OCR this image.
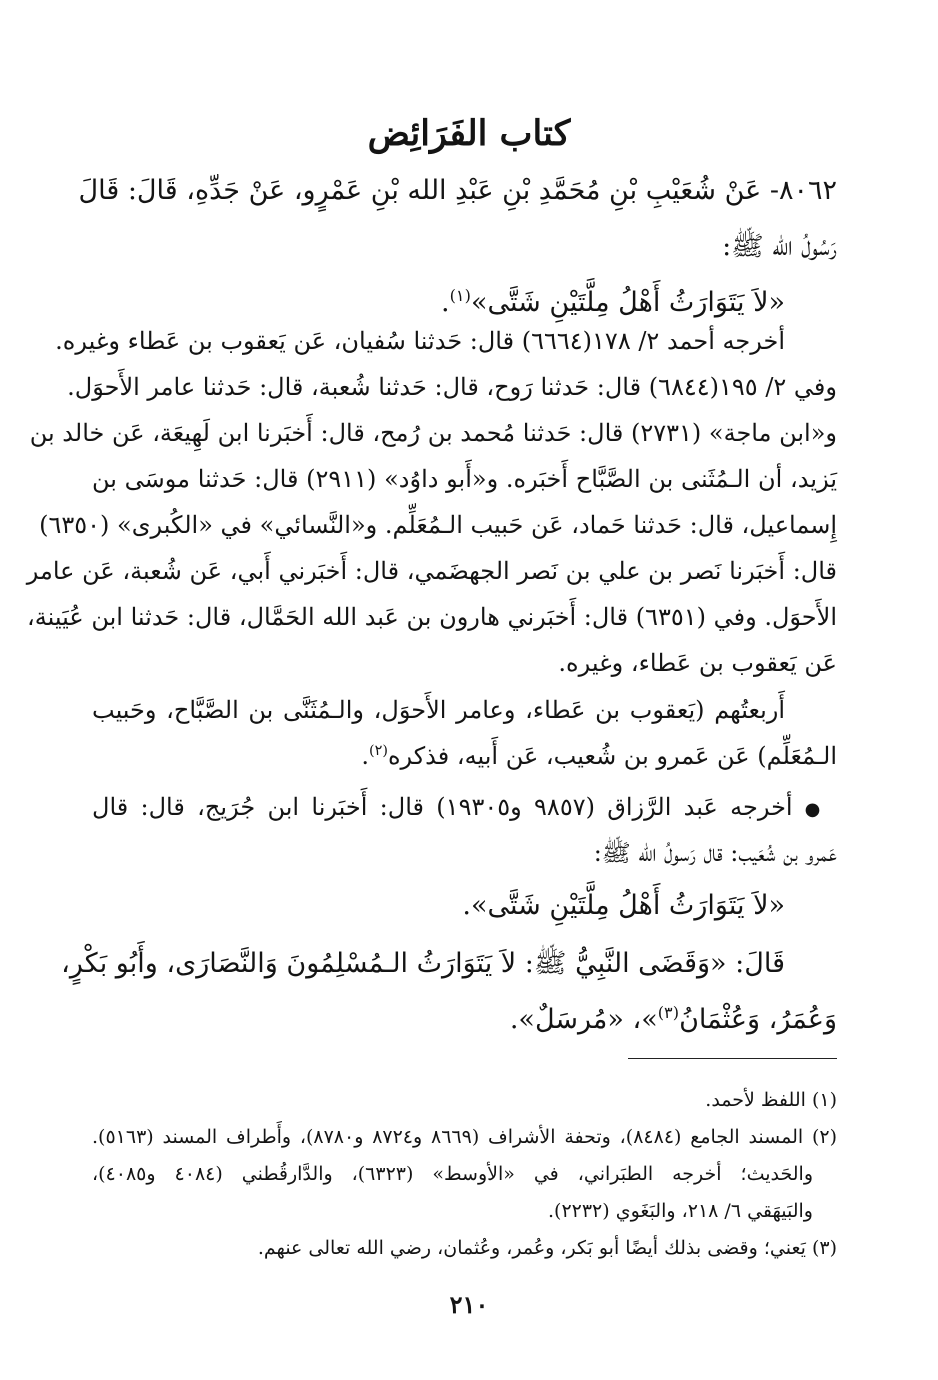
كتاب الفَرَائِض
٨٠٦٢- عَنْ شُعَيْبِ بْنِ مُحَمَّدِ بْنِ عَبْدِ الله بْنِ عَمْرٍو، عَنْ جَدِّهِ، قَالَ: قَالَ
رَسُولُ الله ﷺ:
«لاَ يَتَوَارَثُ أَهْلُ مِلَّتَيْنِ شَتَّى»$^{(١)}$.
أخرجه أحمد ٢/ ١٧٨(٦٦٦٤) قال: حَدثنا سُفيان، عَن يَعقوب بن عَطاء وغيره.
وفي ٢/ ١٩٥(٦٨٤٤) قال: حَدثنا رَوح، قال: حَدثنا شُعبة، قال: حَدثنا عامر الأَحوَل.
و«ابن ماجة» (٢٧٣١) قال: حَدثنا مُحمد بن رُمح، قال: أَخبَرنا ابن لَهِيعَة، عَن خالد بن
يَزيد، أن الـمُثَنى بن الصَّبَّاح أَخبَره. و«أَبو داوُد» (٢٩١١) قال: حَدثنا موسَى بن
إِسماعيل، قال: حَدثنا حَماد، عَن حَبيب الـمُعَلِّم. و«النَّسائي» في «الكُبرى» (٦٣٥٠)
قال: أَخبَرنا نَصر بن علي بن نَصر الجهضَمي، قال: أَخبَرني أَبي، عَن شُعبة، عَن عامر
الأَحوَل. وفي (٦٣٥١) قال: أَخبَرني هارون بن عَبد الله الحَمَّال، قال: حَدثنا ابن عُيَينة،
عَن يَعقوب بن عَطاء، وغيره.
أَربعتُهم (يَعقوب بن عَطاء، وعامر الأَحوَل، والـمُثَنَّى بن الصَّبَّاح، وحَبيب
الـمُعَلِّم) عَن عَمرو بن شُعيب، عَن أَبيه، فذكره$^{(٢)}$.
●أخرجه عَبد الرَّزاق (٩٨٥٧ و١٩٣٠٥) قال: أَخبَرنا ابن جُرَيج، قال: قال
عَمرو بن شُعَيب: قال رَسولُ الله ﷺ:
«لاَ يَتَوَارَثُ أَهْلُ مِلَّتَيْنِ شَتَّى».
قَالَ: «وَقَضَى النَّبِيُّ ﷺ: لاَ يَتَوَارَثُ الـمُسْلِمُونَ وَالنَّصَارَى، وأَبُو بَكْرٍ،
وَعُمَرُ، وَعُثْمَانُ$^{(٣)}$»، «مُرسَلٌ».
(١) اللفظ لأحمد.
(٢) المسند الجامع (٨٤٨٤)، وتحفة الأشراف (٨٦٦٩ و٨٧٢٤ و٨٧٨٠)، وأَطراف المسند (٥١٦٣).
والحَديث؛ أخرجه الطبَراني، في «الأوسط» (٦٣٢٣)، والدَّارقُطني (٤٠٨٤ و٤٠٨٥)،
والبَيهَقي ٦/ ٢١٨، والبَغَوي (٢٢٣٢).
(٣) يَعني؛ وقضى بذلك أيضًا أبو بَكر، وعُمر، وعُثمان، رضي الله تعالى عنهم.
٢١٠
